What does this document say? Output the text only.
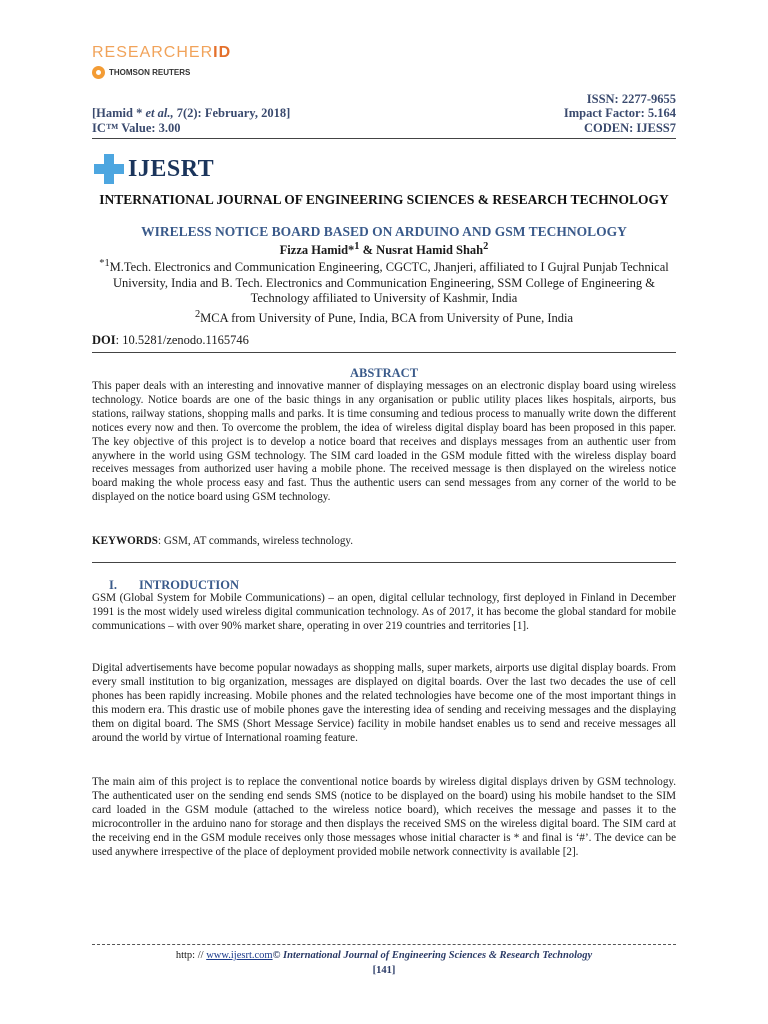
RESEARCHERID
THOMSON REUTERS
[Hamid * et al., 7(2): February, 2018]
IC™ Value: 3.00
ISSN: 2277-9655
Impact Factor: 5.164
CODEN: IJESS7
IJESRT
INTERNATIONAL JOURNAL OF ENGINEERING SCIENCES & RESEARCH TECHNOLOGY
WIRELESS NOTICE BOARD BASED ON ARDUINO AND GSM TECHNOLOGY
Fizza Hamid*$^1$ & Nusrat Hamid Shah$^2$
$^{*1}$M.Tech. Electronics and Communication Engineering, CGCTC, Jhanjeri, affiliated to I Gujral Punjab Technical University, India and B. Tech. Electronics and Communication Engineering, SSM College of Engineering & Technology affiliated to University of Kashmir, India
$^2$MCA from University of Pune, India, BCA from University of Pune, India
DOI: 10.5281/zenodo.1165746
ABSTRACT
This paper deals with an interesting and innovative manner of displaying messages on an electronic display board using wireless technology. Notice boards are one of the basic things in any organisation or public utility places likes hospitals, airports, bus stations, railway stations, shopping malls and parks. It is time consuming and tedious process to manually write down the different notices every now and then. To overcome the problem, the idea of wireless digital display board has been proposed in this paper. The key objective of this project is to develop a notice board that receives and displays messages from an authentic user from anywhere in the world using GSM technology. The SIM card loaded in the GSM module fitted with the wireless display board receives messages from authorized user having a mobile phone. The received message is then displayed on the wireless notice board making the whole process easy and fast. Thus the authentic users can send messages from any corner of the world to be displayed on the notice board using GSM technology.
KEYWORDS: GSM, AT commands, wireless technology.
I. INTRODUCTION
GSM (Global System for Mobile Communications) – an open, digital cellular technology, first deployed in Finland in December 1991 is the most widely used wireless digital communication technology. As of 2017, it has become the global standard for mobile communications – with over 90% market share, operating in over 219 countries and territories [1].
Digital advertisements have become popular nowadays as shopping malls, super markets, airports use digital display boards. From every small institution to big organization, messages are displayed on digital boards. Over the last two decades the use of cell phones has been rapidly increasing. Mobile phones and the related technologies have become one of the most important things in this modern era. This drastic use of mobile phones gave the interesting idea of sending and receiving messages and the displaying them on digital board. The SMS (Short Message Service) facility in mobile handset enables us to send and receive messages all around the world by virtue of International roaming feature.
The main aim of this project is to replace the conventional notice boards by wireless digital displays driven by GSM technology. The authenticated user on the sending end sends SMS (notice to be displayed on the board) using his mobile handset to the SIM card loaded in the GSM module (attached to the wireless notice board), which receives the message and passes it to the microcontroller in the arduino nano for storage and then displays the received SMS on the wireless digital board. The SIM card at the receiving end in the GSM module receives only those messages whose initial character is * and final is ‘#’. The device can be used anywhere irrespective of the place of deployment provided mobile network connectivity is available [2].
http: // www.ijesrt.com© International Journal of Engineering Sciences & Research Technology
[141]
